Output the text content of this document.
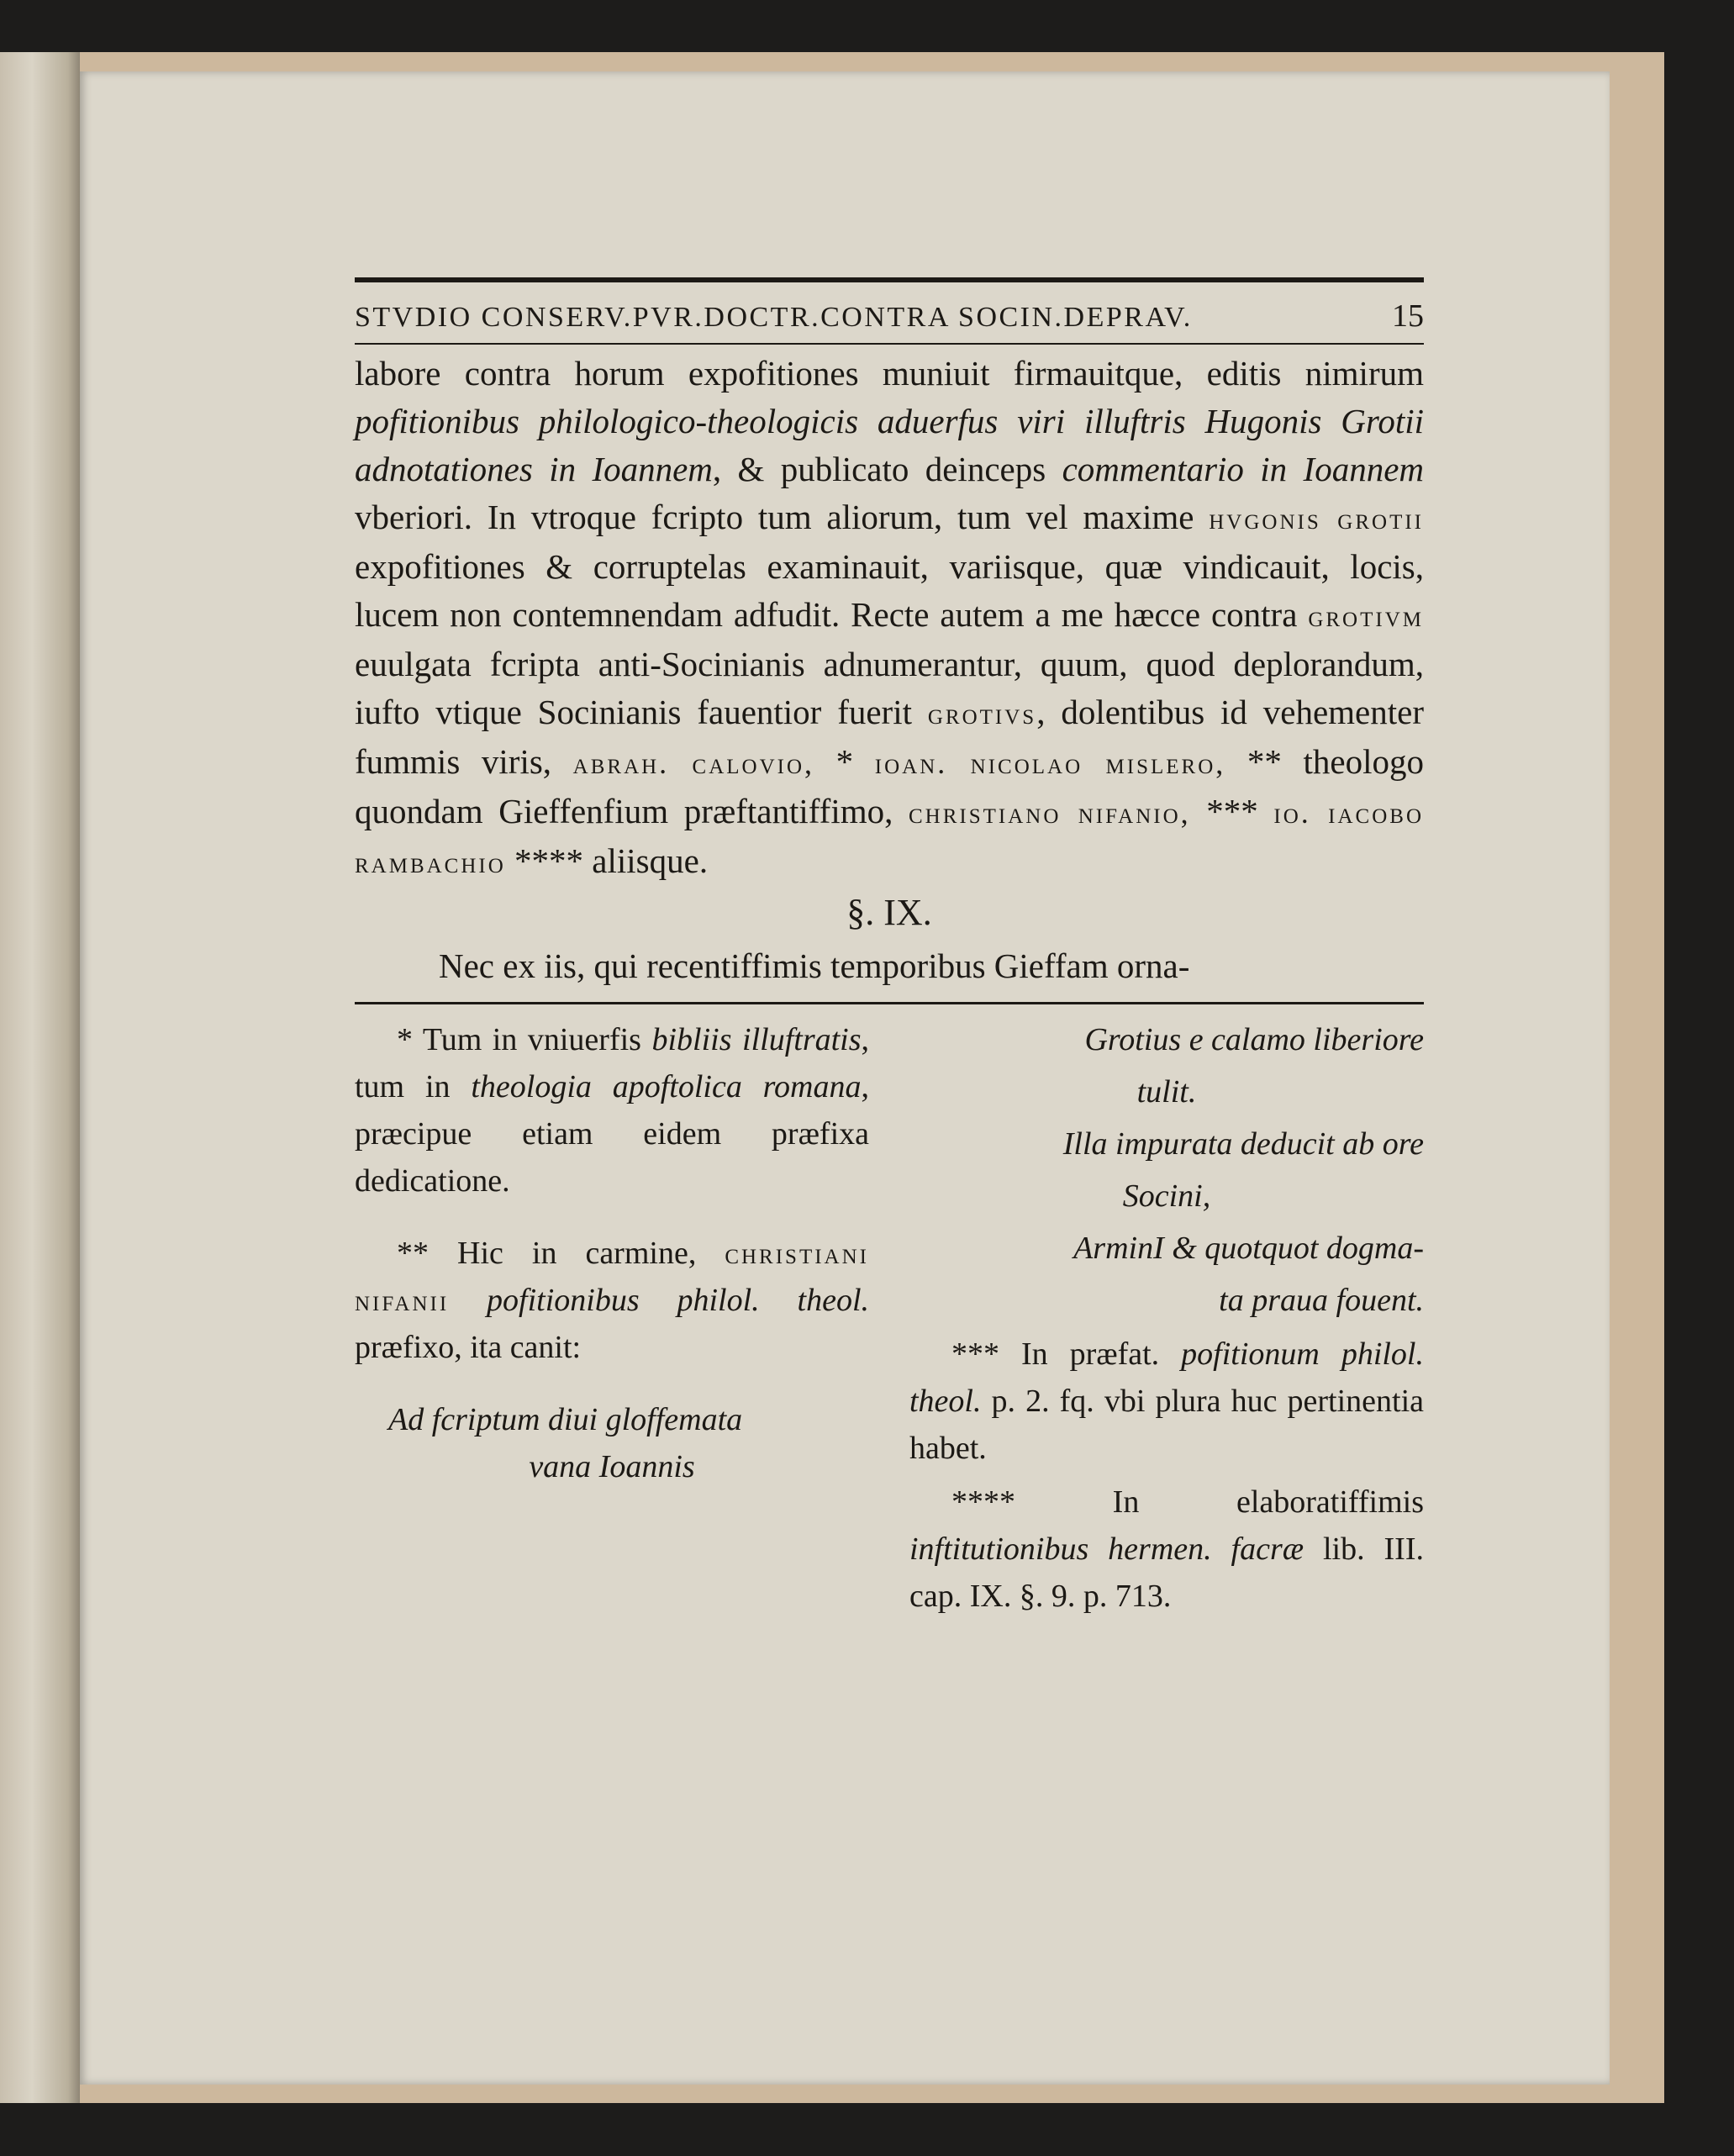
STVDIO CONSERV.PVR.DOCTR.CONTRA SOCIN.DEPRAV.	15
labore contra horum expofitiones muniuit firmauitque, editis nimirum pofitionibus philologico-theologicis aduerfus viri illuftris Hugonis Grotii adnotationes in Ioannem, & publicato deinceps commentario in Ioannem vberiori. In vtroque fcripto tum aliorum, tum vel maxime hvgonis grotii expofitiones & corruptelas examinauit, variisque, quæ vindicauit, locis, lucem non contemnendam adfudit. Recte autem a me hæcce contra grotivm euulgata fcripta anti-Socinianis adnumerantur, quum, quod deplorandum, iufto vtique Socinianis fauentior fuerit grotivs, dolentibus id vehementer fummis viris, abrah. calovio, * ioan. nicolao mislero, ** theologo quondam Gieffenfium præftantiffimo, christiano nifanio, *** io. iacobo rambachio **** aliisque.
§. IX.
Nec ex iis, qui recentiffimis temporibus Gieffam orna-

* Tum in vniuerfis bibliis illuftratis, tum in theologia apoftolica romana, præcipue etiam eidem præfixa dedicatione.

** Hic in carmine, christiani nifanii pofitionibus philol. theol. præfixo, ita canit:

Ad fcriptum diui gloffemata

vana Ioannis

Grotius e calamo liberiore

tulit.

Illa impurata deducit ab ore

Socini,

ArminI & quotquot dogma-

ta praua fouent.

*** In præfat. pofitionum philol. theol. p. 2. fq. vbi plura huc pertinentia habet.

**** In elaboratiffimis inftitutionibus hermen. facræ lib. III. cap. IX. §. 9. p. 713.
